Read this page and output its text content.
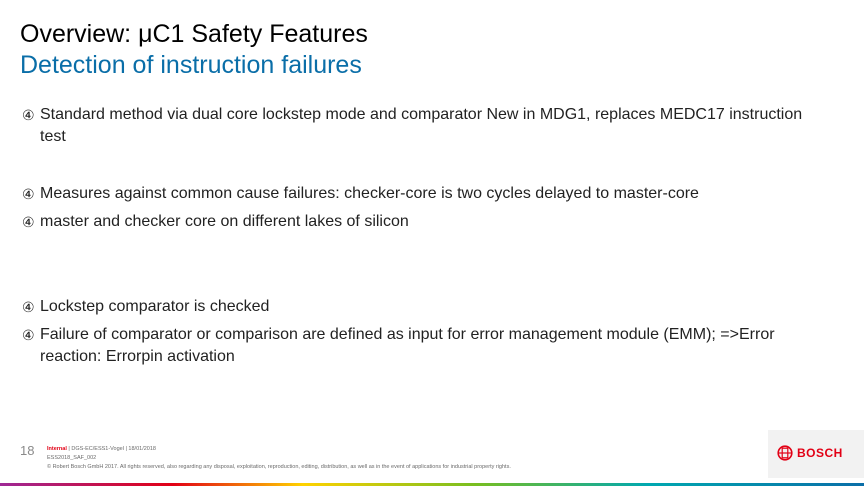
Overview: μC1 Safety Features
Detection of instruction failures
④ Standard method via dual core lockstep mode and comparator New in MDG1, replaces MEDC17 instruction test
④ Measures against common cause failures: checker-core is two cycles delayed to master-core
④ master and checker core on different lakes of silicon
④ Lockstep comparator is checked
④ Failure of comparator or comparison are defined as input for error management module (EMM); =>Error reaction: Errorpin activation
18 Internal | DGS-EC/ESS1-Vogel | 18/01/2018
ESS2018_SAF_002
© Robert Bosch GmbH 2017. All rights reserved, also regarding any disposal, exploitation, reproduction, editing, distribution, as well as in the event of applications for industrial property rights.
BOSCH
